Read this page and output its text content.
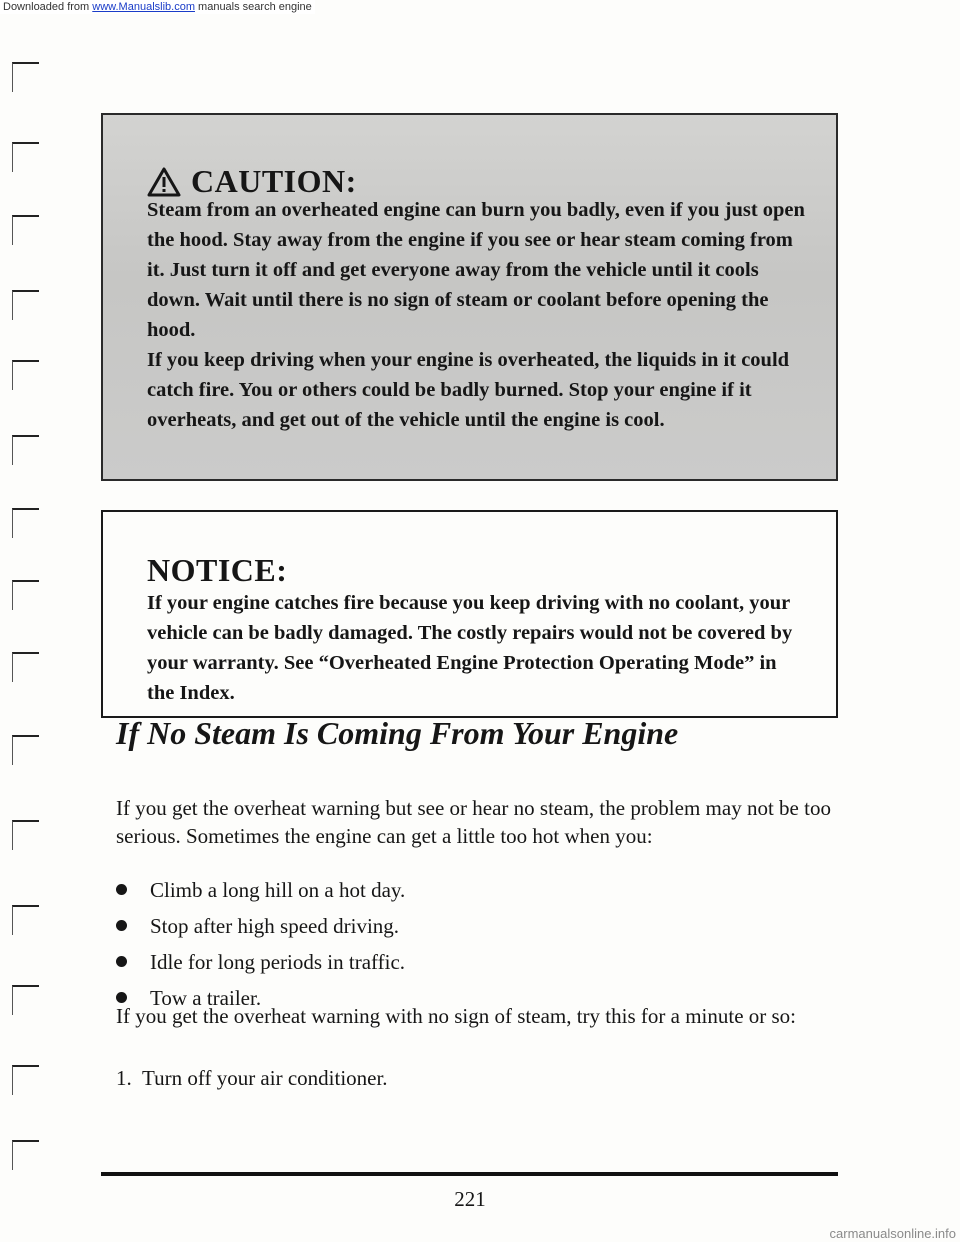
Downloaded from www.Manualslib.com manuals search engine
CAUTION:

Steam from an overheated engine can burn you badly, even if you just open the hood. Stay away from the engine if you see or hear steam coming from it. Just turn it off and get everyone away from the vehicle until it cools down. Wait until there is no sign of steam or coolant before opening the hood.

If you keep driving when your engine is overheated, the liquids in it could catch fire. You or others could be badly burned. Stop your engine if it overheats, and get out of the vehicle until the engine is cool.

NOTICE:

If your engine catches fire because you keep driving with no coolant, your vehicle can be badly damaged. The costly repairs would not be covered by your warranty. See “Overheated Engine Protection Operating Mode” in the Index.

If No Steam Is Coming From Your Engine

If you get the overheat warning but see or hear no steam, the problem may not be too serious. Sometimes the engine can get a little too hot when you:

Climb a long hill on a hot day.
Stop after high speed driving.
Idle for long periods in traffic.
Tow a trailer.

If you get the overheat warning with no sign of steam, try this for a minute or so:

1. Turn off your air conditioner.
221
carmanualsonline.info
